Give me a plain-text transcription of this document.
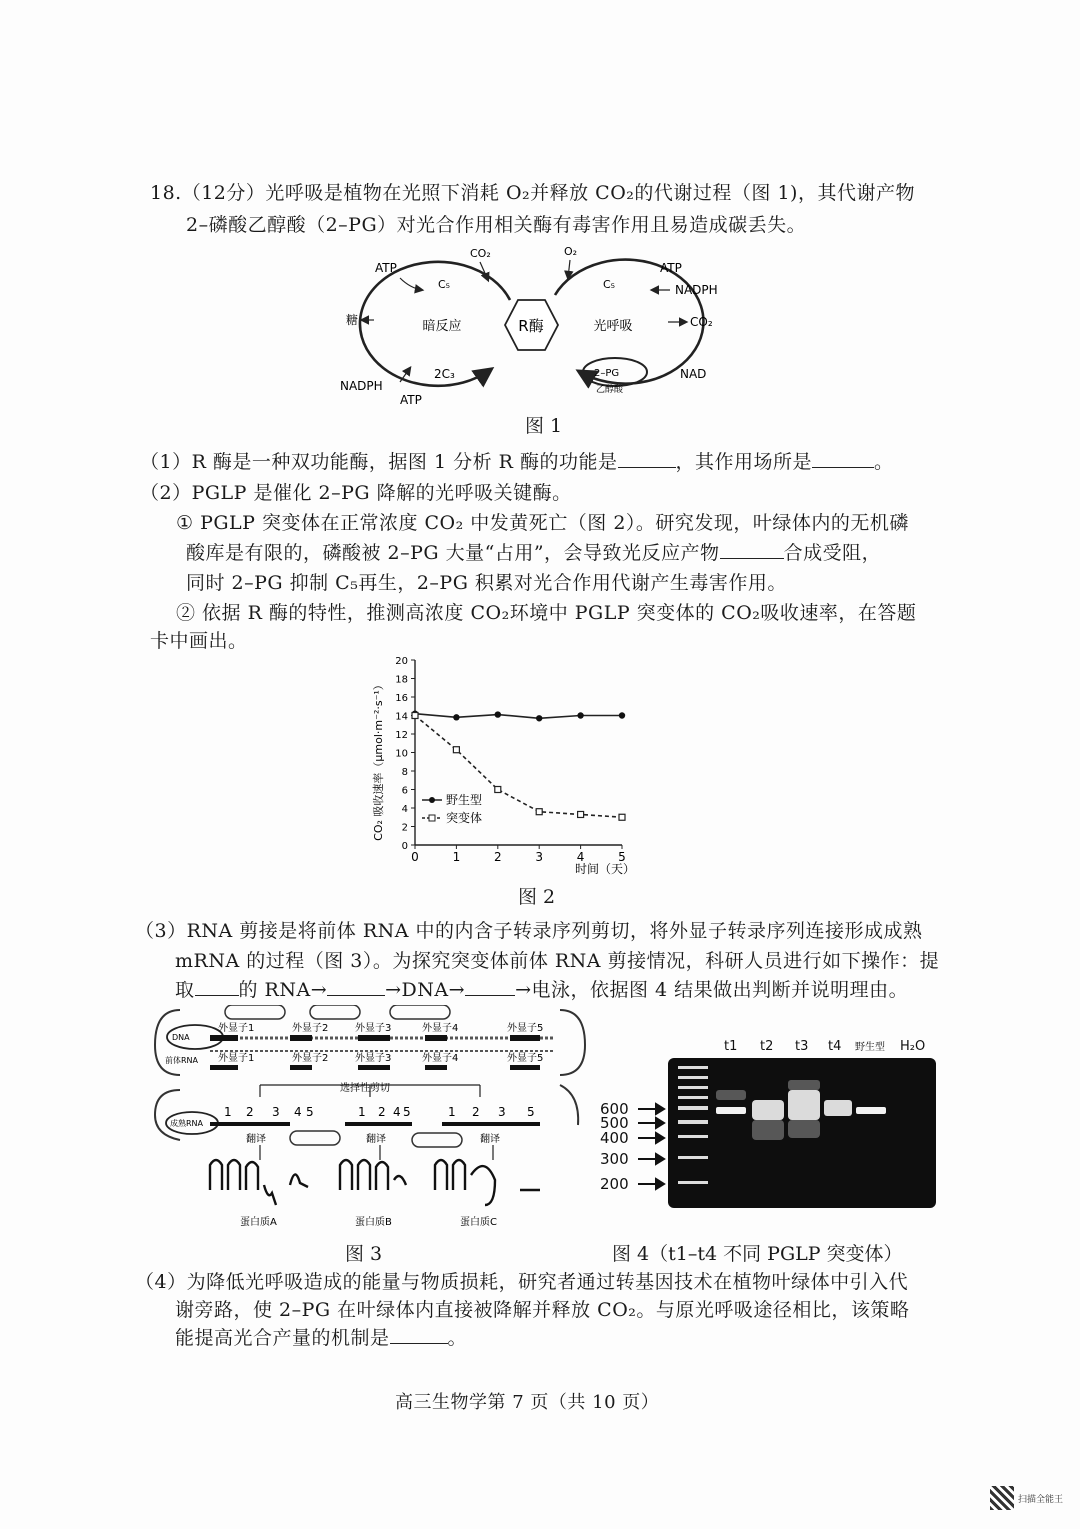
18.（12分）光呼吸是植物在光照下消耗 O₂并释放 CO₂的代谢过程（图 1)，其代谢产物
2–磷酸乙醇酸（2–PG）对光合作用相关酶有毒害作用且易造成碳丢失。
R酶
暗反应	光呼吸
ATP
C₅
CO₂	O₂
C₅
ATP
NADPH
糖	CO₂
NADPH
ATP
2C₃	2–PG
乙醇酸
NAD
图 1
（1）R 酶是一种双功能酶，据图 1 分析 R 酶的功能是	，其作用场所是	。
（2）PGLP 是催化 2–PG 降解的光呼吸关键酶。
① PGLP 突变体在正常浓度 CO₂ 中发黄死亡（图 2）。研究发现，叶绿体内的无机磷
酸库是有限的，磷酸被 2–PG 大量“占用”，会导致光反应产物	合成受阻，
同时 2–PG 抑制 C₅再生，2–PG 积累对光合作用代谢产生毒害作用。
② 依据 R 酶的特性，推测高浓度 CO₂环境中 PGLP 突变体的 CO₂吸收速率，在答题
卡中画出。
0
2
4
6
8
10
12
14
16
18
20
0	1	2	3	4	5
野生型
突变体
时间（天）
CO₂ 吸收速率（μmol·m⁻²·s⁻¹）
图 2
（3）RNA 剪接是将前体 RNA 中的内含子转录序列剪切，将外显子转录序列连接形成成熟
mRNA 的过程（图 3）。为探究突变体前体 RNA 剪接情况，科研人员进行如下操作：提
取 的 RNA→	→DNA→	→电泳，依据图 4 结果做出判断并说明理由。
DNA
前体RNA
外显子1	外显子2	外显子3	外显子4	外显子5
外显子1	外显子2	外显子3	外显子4	外显子5
选择性剪切
成熟RNA
1 2 3 4 5	1 2 4 5	1 2 3 5
翻译	翻译	翻译
蛋白质A	蛋白质B	蛋白质C
t1 t2 t3 t4 野生型 H₂O
600
500
400
300
200
图 3	图 4（t1–t4 不同 PGLP 突变体）
（4）为降低光呼吸造成的能量与物质损耗，研究者通过转基因技术在植物叶绿体中引入代
谢旁路，使 2–PG 在叶绿体内直接被降解并释放 CO₂。与原光呼吸途径相比，该策略
能提高光合产量的机制是	。
高三生物学第 7 页（共 10 页）
扫描全能王
